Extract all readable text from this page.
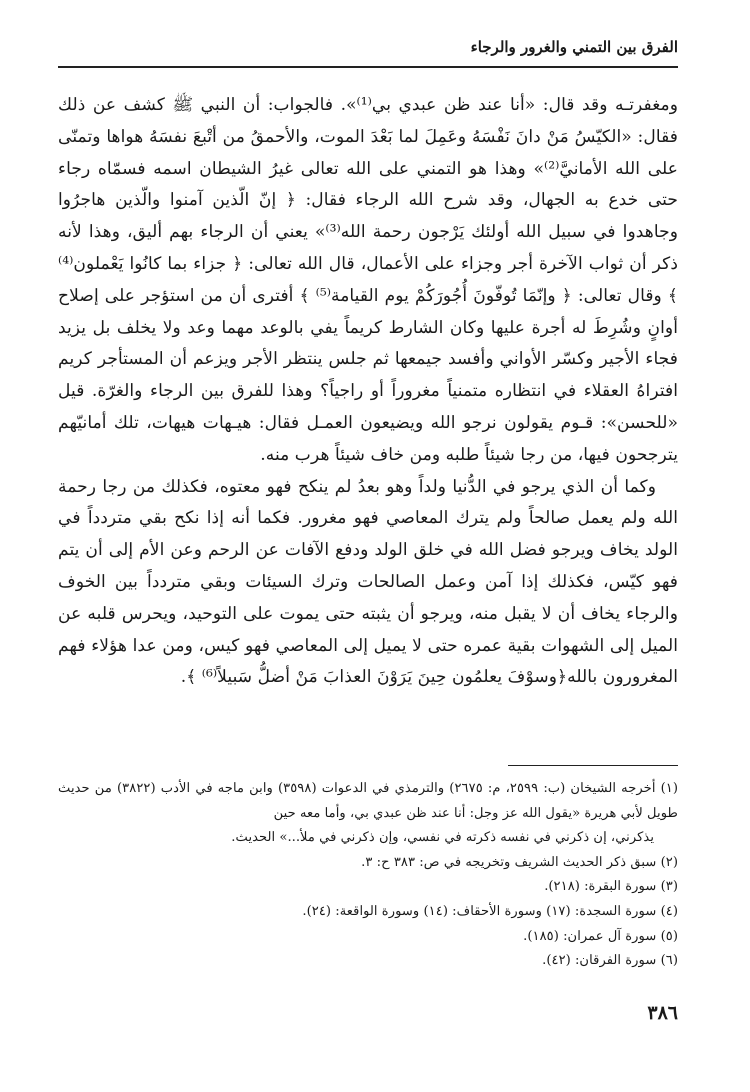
الفرق بين التمني والغرور والرجاء

ومغفرتـه وقد قال: «أنا عند ظن عبدي بي⁽¹⁾». فالجواب: أن النبي ﷺ كشف عن ذلك فقال: «الكيّسُ مَنْ دانَ نَفْسَهُ وعَمِلَ لما بَعْدَ الموت، والأحمقُ من أتْبعَ نفسَهُ هواها وتمنّى على الله الأمانيَّ⁽²⁾» وهذا هو التمني على الله تعالى غيرُ الشيطان اسمه فسمّاه رجاء حتى خدع به الجهال، وقد شرح الله الرجاء فقال: ﴿ إنّ الّذين آمنوا والّذين هاجرُوا وجاهدوا في سبيل الله أولئك يَرْجون رحمة الله⁽³⁾» يعني أن الرجاء بهم أليق، وهذا لأنه ذكر أن ثواب الآخرة أجر وجزاء على الأعمال، قال الله تعالى: ﴿ جزاء بما كانُوا يَعْملون⁽⁴⁾ ﴾ وقال تعالى: ﴿ وإنّمَا تُوفّونَ أُجُورَكُمْ يوم القيامة⁽⁵⁾ ﴾ أفترى أن من استؤجر على إصلاح أوانٍ وشُرِطَ له أجرة عليها وكان الشارط كريماً يفي بالوعد مهما وعد ولا يخلف بل يزيد فجاء الأجير وكسّر الأواني وأفسد جيمعها ثم جلس ينتظر الأجر ويزعم أن المستأجر كريم افتراهُ العقلاء في انتظاره متمنياً مغروراً أو راجياً؟ وهذا للفرق بين الرجاء والغرّة. قيل «للحسن»: قـوم يقولون نرجو الله ويضيعون العمـل فقال: هيـهات هيهات، تلك أمانيّهم يترجحون فيها، من رجا شيئاً طلبه ومن خاف شيئاً هرب منه.

وكما أن الذي يرجو في الدُّنيا ولداً وهو بعدُ لم ينكح فهو معتوه، فكذلك من رجا رحمة الله ولم يعمل صالحاً ولم يترك المعاصي فهو مغرور. فكما أنه إذا نكح بقي متردداً في الولد يخاف ويرجو فضل الله في خلق الولد ودفع الآفات عن الرحم وعن الأم إلى أن يتم فهو كيّس، فكذلك إذا آمن وعمل الصالحات وترك السيئات وبقي متردداً بين الخوف والرجاء يخاف أن لا يقبل منه، ويرجو أن يثبته حتى يموت على التوحيد، ويحرس قلبه عن الميل إلى الشهوات بقية عمره حتى لا يميل إلى المعاصي فهو كيس، ومن عدا هؤلاء فهم المغرورون بالله﴿وسوْفَ يعلمُون حِينَ يَرَوْنَ العذابَ مَنْ أضلُّ سَبيلاً⁽⁶⁾ ﴾.

(١) أخرجه الشيخان (ب: ٢٥٩٩، م: ٢٦٧٥) والترمذي في الدعوات (٣٥٩٨) وابن ماجه في الأدب (٣٨٢٢) من حديث طويل لأبي هريرة «يقول الله عز وجل: أنا عند ظن عبدي بي، وأما معه حين
يذكرني، إن ذكرني في نفسه ذكرته في نفسي، وإن ذكرني في ملأ...» الحديث.

(٢) سبق ذكر الحديث الشريف وتخريجه في ص: ٣٨٣ ح: ٣.

(٣) سورة البقرة: (٢١٨).

(٤) سورة السجدة: (١٧) وسورة الأحقاف: (١٤) وسورة الواقعة: (٢٤).

(٥) سورة آل عمران: (١٨٥).

(٦) سورة الفرقان: (٤٢).

٣٨٦
